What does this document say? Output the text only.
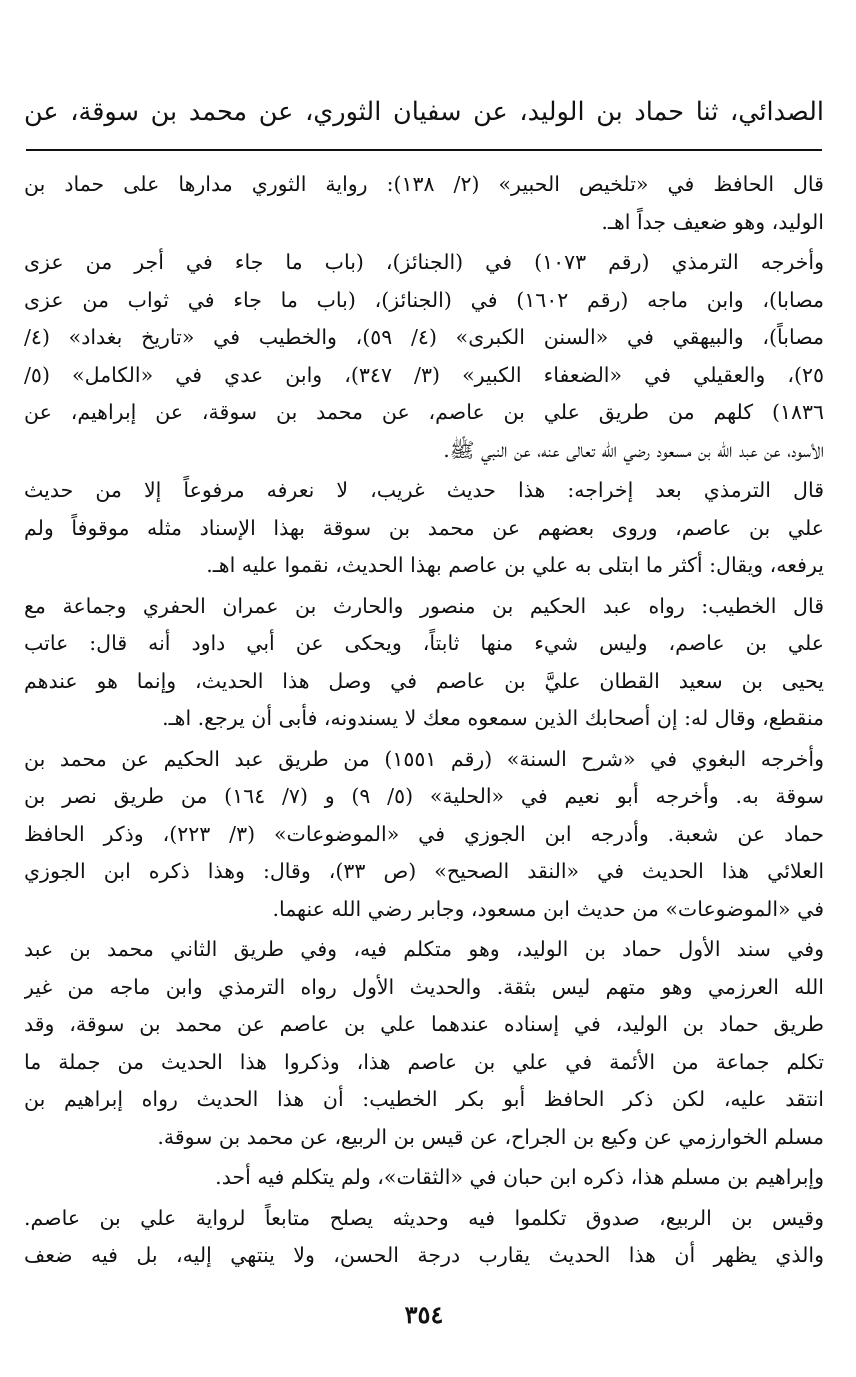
الصدائي، ثنا حماد بن الوليد، عن سفيان الثوري، عن محمد بن سوقة، عن

قال الحافظ في «تلخيص الحبير» (٢/ ١٣٨): رواية الثوري مدارها على حماد بن
الوليد، وهو ضعيف جداً اهـ.

وأخرجه الترمذي (رقم ١٠٧٣) في (الجنائز)، (باب ما جاء في أجر من عزى
مصابا)، وابن ماجه (رقم ١٦٠٢) في (الجنائز)، (باب ما جاء في ثواب من عزى
مصاباً)، والبيهقي في «السنن الكبرى» (٤/ ٥٩)، والخطيب في «تاريخ بغداد» (٤/
٢٥)، والعقيلي في «الضعفاء الكبير» (٣/ ٣٤٧)، وابن عدي في «الكامل» (٥/
١٨٣٦) كلهم من طريق علي بن عاصم، عن محمد بن سوقة، عن إبراهيم، عن
الأسود، عن عبد الله بن مسعود رضي الله تعالى عنه، عن النبي ﷺ.

قال الترمذي بعد إخراجه: هذا حديث غريب، لا نعرفه مرفوعاً إلا من حديث
علي بن عاصم، وروى بعضهم عن محمد بن سوقة بهذا الإسناد مثله موقوفاً ولم
يرفعه، ويقال: أكثر ما ابتلى به علي بن عاصم بهذا الحديث، نقموا عليه اهـ.

قال الخطيب: رواه عبد الحكيم بن منصور والحارث بن عمران الحفري وجماعة مع
علي بن عاصم، وليس شيء منها ثابتاً، ويحكى عن أبي داود أنه قال: عاتب
يحيى بن سعيد القطان عليَّ بن عاصم في وصل هذا الحديث، وإنما هو عندهم
منقطع، وقال له: إن أصحابك الذين سمعوه معك لا يسندونه، فأبى أن يرجع. اهـ.

وأخرجه البغوي في «شرح السنة» (رقم ١٥٥١) من طريق عبد الحكيم عن محمد بن
سوقة به. وأخرجه أبو نعيم في «الحلية» (٥/ ٩) و (٧/ ١٦٤) من طريق نصر بن
حماد عن شعبة. وأدرجه ابن الجوزي في «الموضوعات» (٣/ ٢٢٣)، وذكر الحافظ
العلائي هذا الحديث في «النقد الصحيح» (ص ٣٣)، وقال: وهذا ذكره ابن الجوزي
في «الموضوعات» من حديث ابن مسعود، وجابر رضي الله عنهما.

وفي سند الأول حماد بن الوليد، وهو متكلم فيه، وفي طريق الثاني محمد بن عبد
الله العرزمي وهو متهم ليس بثقة. والحديث الأول رواه الترمذي وابن ماجه من غير
طريق حماد بن الوليد، في إسناده عندهما علي بن عاصم عن محمد بن سوقة، وقد
تكلم جماعة من الأئمة في علي بن عاصم هذا، وذكروا هذا الحديث من جملة ما
انتقد عليه، لكن ذكر الحافظ أبو بكر الخطيب: أن هذا الحديث رواه إبراهيم بن
مسلم الخوارزمي عن وكيع بن الجراح، عن قيس بن الربيع، عن محمد بن سوقة.

وإبراهيم بن مسلم هذا، ذكره ابن حبان في «الثقات»، ولم يتكلم فيه أحد.

وقيس بن الربيع، صدوق تكلموا فيه وحديثه يصلح متابعاً لرواية علي بن عاصم.
والذي يظهر أن هذا الحديث يقارب درجة الحسن، ولا ينتهي إليه، بل فيه ضعف

٣٥٤
